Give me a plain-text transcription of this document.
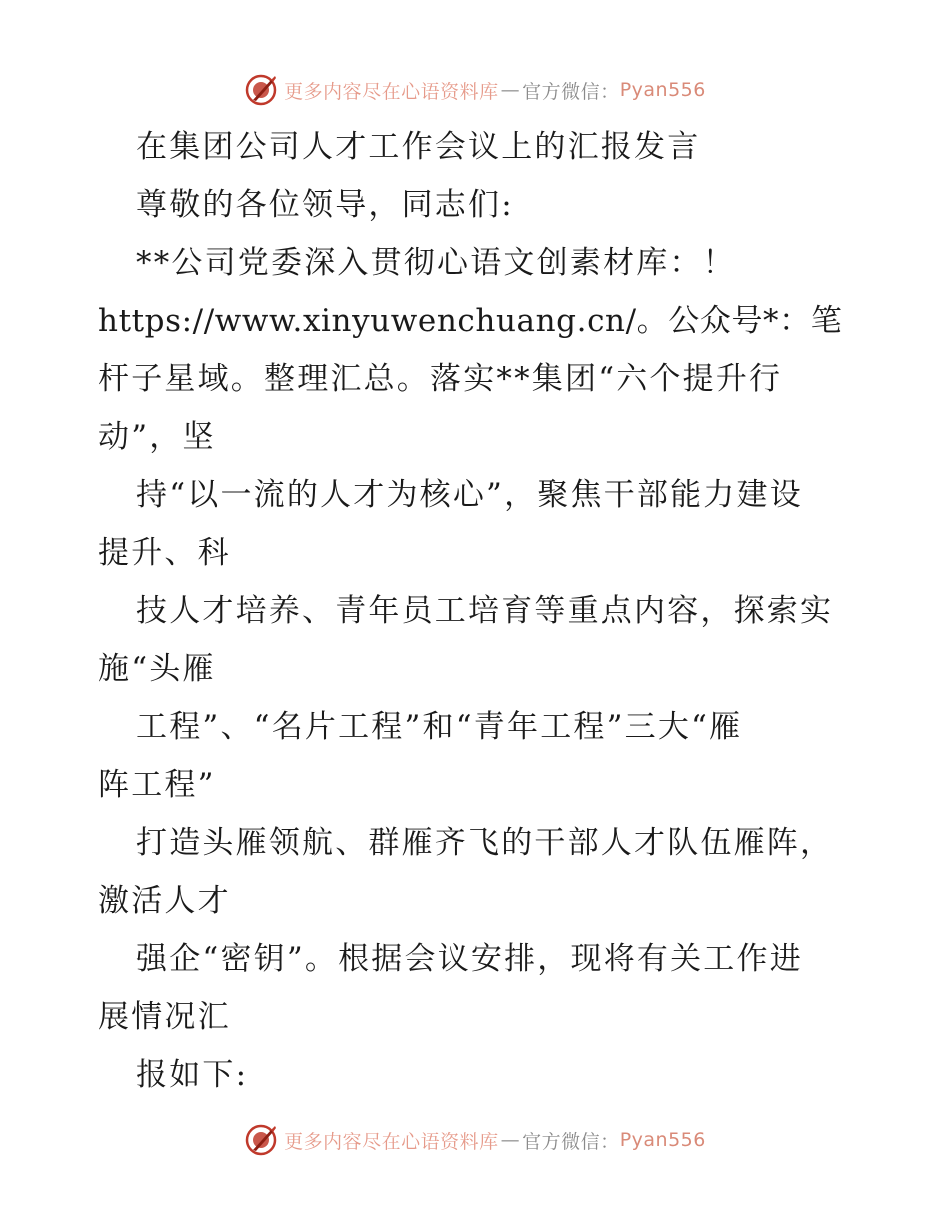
更多内容尽在心语资料库 — 官方微信： Pyan556
在集团公司人才工作会议上的汇报发言
尊敬的各位领导，同志们:
**公司党委深入贯彻心语文创素材库：！
https://www.xinyuwenchuang.cn/。公众号*：笔
杆子星域。整理汇总。落实**集团“六个提升行
动”，坚
持“以一流的人才为核心”，聚焦干部能力建设
提升、科
技人才培养、青年员工培育等重点内容，探索实
施“头雁
工程”、“名片工程”和“青年工程”三大“雁
阵工程”
打造头雁领航、群雁齐飞的干部人才队伍雁阵，
激活人才
强企“密钥”。根据会议安排，现将有关工作进
展情况汇
报如下:
更多内容尽在心语资料库 — 官方微信： Pyan556
